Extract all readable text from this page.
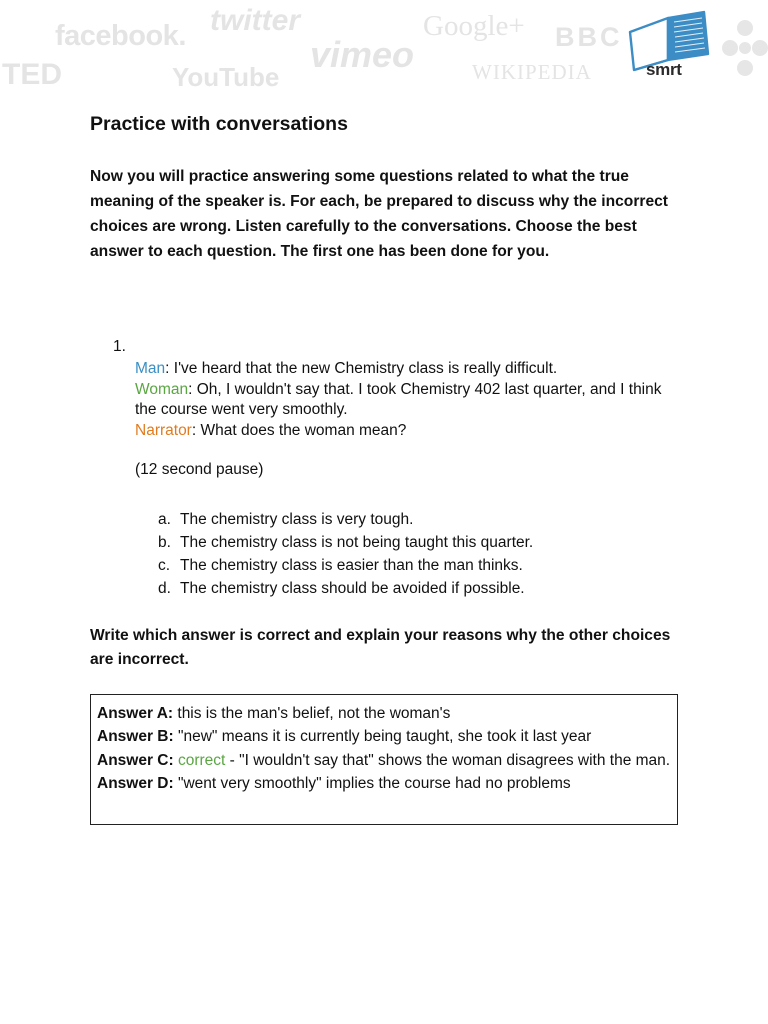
facebook. twitter
vimeo
Google+ BBC
YouTube	WIKIPEDIA
TED	smrt
Practice with conversations

Now you will practice answering some questions related to what the true meaning of the speaker is. For each, be prepared to discuss why the incorrect choices are wrong. Listen carefully to the conversations. Choose the best answer to each question. The first one has been done for you.

1.

Man: I've heard that the new Chemistry class is really difficult.

Woman: Oh, I wouldn't say that. I took Chemistry 402 last quarter, and I think the course went very smoothly.

Narrator: What does the woman mean?

(12 second pause)
a. The chemistry class is very tough.
b. The chemistry class is not being taught this quarter.
c. The chemistry class is easier than the man thinks.
d. The chemistry class should be avoided if possible.

Write which answer is correct and explain your reasons why the other choices are incorrect.

Answer A: this is the man's belief, not the woman's

Answer B: "new" means it is currently being taught, she took it last year

Answer C: correct - "I wouldn't say that" shows the woman disagrees with the man.

Answer D: "went very smoothly" implies the course had no problems
